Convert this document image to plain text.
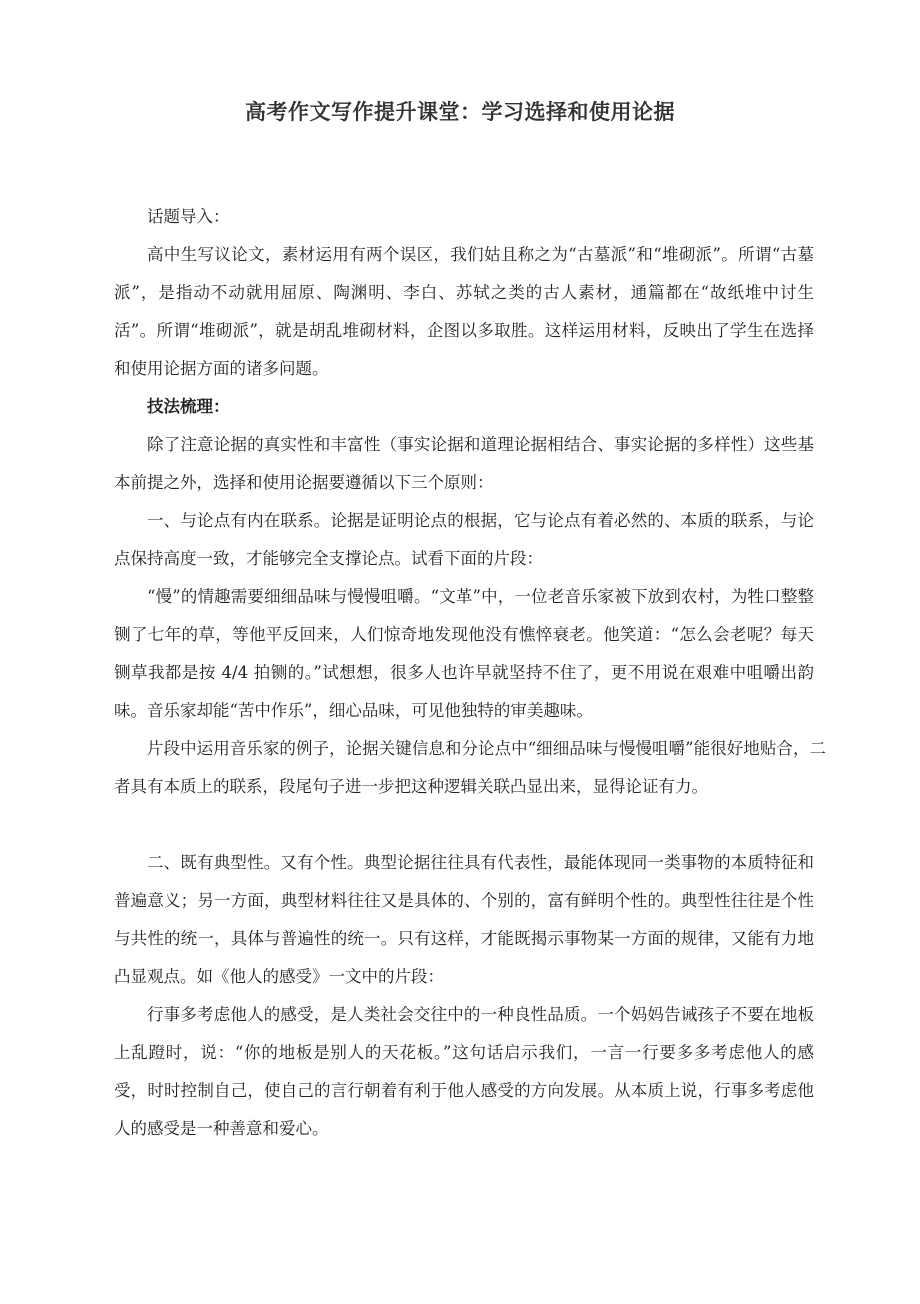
高考作文写作提升课堂：学习选择和使用论据

话题导入：

高中生写议论文，素材运用有两个误区，我们姑且称之为“古墓派”和“堆砌派”。所谓“古墓派”，是指动不动就用屈原、陶渊明、李白、苏轼之类的古人素材，通篇都在“故纸堆中讨生活”。所谓“堆砌派”，就是胡乱堆砌材料，企图以多取胜。这样运用材料，反映出了学生在选择和使用论据方面的诸多问题。

技法梳理：

除了注意论据的真实性和丰富性（事实论据和道理论据相结合、事实论据的多样性）这些基本前提之外，选择和使用论据要遵循以下三个原则：

一、与论点有内在联系。论据是证明论点的根据，它与论点有着必然的、本质的联系，与论点保持高度一致，才能够完全支撑论点。试看下面的片段：

“慢”的情趣需要细细品味与慢慢咀嚼。“文革”中，一位老音乐家被下放到农村，为牲口整整铡了七年的草，等他平反回来，人们惊奇地发现他没有憔悴衰老。他笑道：“怎么会老呢？每天铡草我都是按 4/4 拍铡的。”试想想，很多人也许早就坚持不住了，更不用说在艰难中咀嚼出韵味。音乐家却能“苦中作乐”，细心品味，可见他独特的审美趣味。

片段中运用音乐家的例子，论据关键信息和分论点中“细细品味与慢慢咀嚼”能很好地贴合，二者具有本质上的联系，段尾句子进一步把这种逻辑关联凸显出来，显得论证有力。

二、既有典型性。又有个性。典型论据往往具有代表性，最能体现同一类事物的本质特征和普遍意义；另一方面，典型材料往往又是具体的、个别的，富有鲜明个性的。典型性往往是个性与共性的统一，具体与普遍性的统一。只有这样，才能既揭示事物某一方面的规律，又能有力地凸显观点。如《他人的感受》一文中的片段：

行事多考虑他人的感受，是人类社会交往中的一种良性品质。一个妈妈告诫孩子不要在地板上乱蹬时，说：“你的地板是别人的天花板。”这句话启示我们，一言一行要多多考虑他人的感受，时时控制自己，使自己的言行朝着有利于他人感受的方向发展。从本质上说，行事多考虑他人的感受是一种善意和爱心。
